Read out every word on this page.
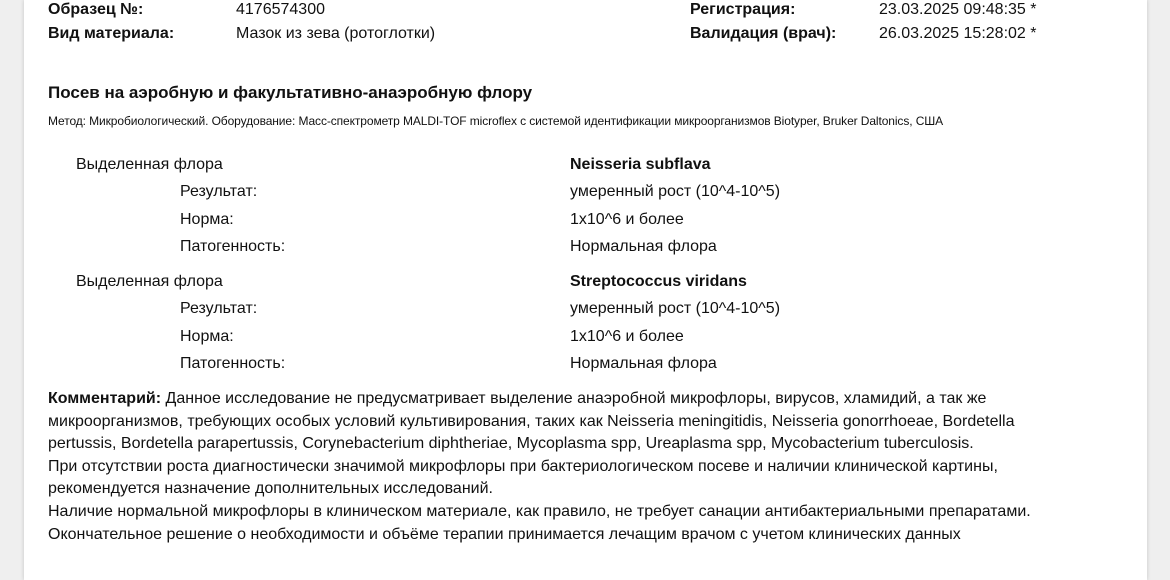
Образец №:	4176574300
Вид материала:	Мазок из зева (ротоглотки)
Регистрация:	23.03.2025 09:48:35 *
Валидация (врач):	26.03.2025 15:28:02 *
Посев на аэробную и факультативно-анаэробную флору
Метод: Микробиологический. Оборудование: Масс-спектрометр MALDI-TOF microflex с системой идентификации микроорганизмов Biotyper, Bruker Daltonics, США
Выделенная флора	Neisseria subflava
Результат:	умеренный рост (10^4-10^5)
Норма:	1х10^6 и более
Патогенность:	Нормальная флора
Выделенная флора	Streptococcus viridans
Результат:	умеренный рост (10^4-10^5)
Норма:	1х10^6 и более
Патогенность:	Нормальная флора

Комментарий: Данное исследование не предусматривает выделение анаэробной микрофлоры, вирусов, хламидий, а так же

микроорганизмов, требующих особых условий культивирования, таких как Neisseria meningitidis, Neisseria gonorrhoeae, Bordetella

pertussis, Bordetella parapertussis, Corynebacterium diphtheriae, Mycoplasma spp, Ureaplasma spp, Mycobacterium tuberculosis.

При отсутствии роста диагностически значимой микрофлоры при бактериологическом посеве и наличии клинической картины,

рекомендуется назначение дополнительных исследований.

Наличие нормальной микрофлоры в клиническом материале, как правило, не требует санации антибактериальными препаратами.

Окончательное решение о необходимости и объёме терапии принимается лечащим врачом с учетом клинических данных
